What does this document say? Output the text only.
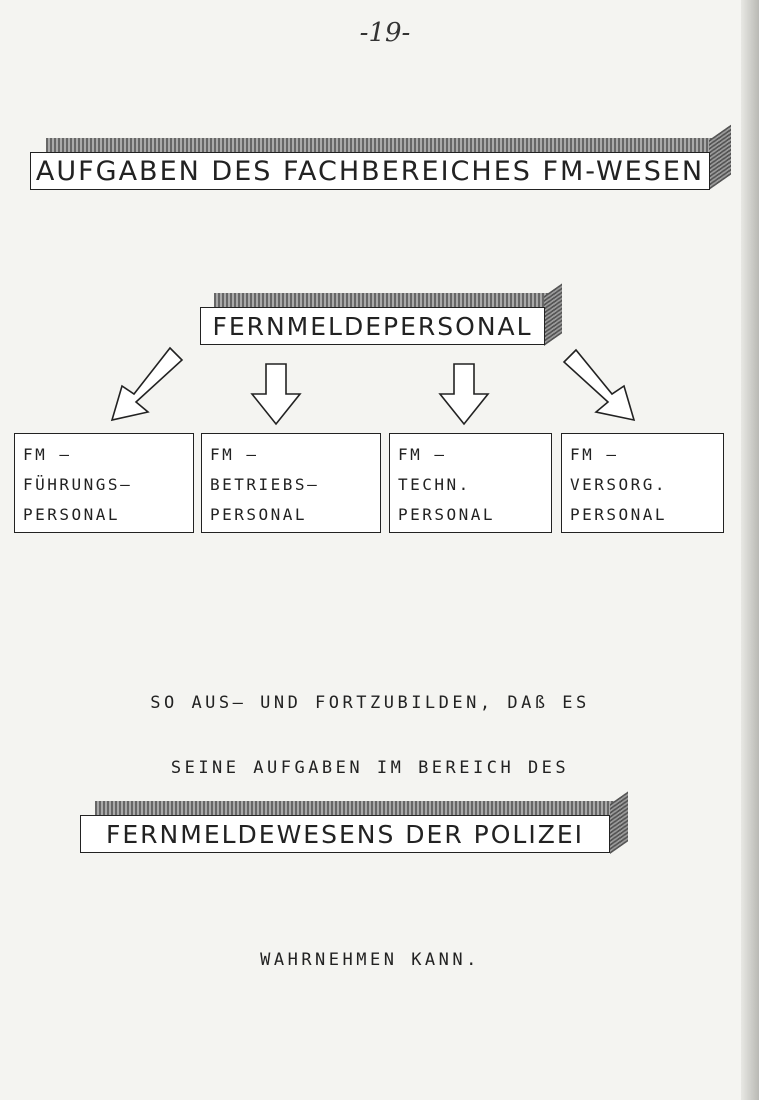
-19-
AUFGABEN DES FACHBEREICHES FM-WESEN
FERNMELDEPERSONAL
FM –
FÜHRUNGS–
PERSONAL
FM –
BETRIEBS–
PERSONAL
FM –
TECHN.
PERSONAL
FM –
VERSORG.
PERSONAL
SO AUS– UND FORTZUBILDEN, DAß ES
SEINE AUFGABEN IM BEREICH DES
FERNMELDEWESENS DER POLIZEI
WAHRNEHMEN KANN.
